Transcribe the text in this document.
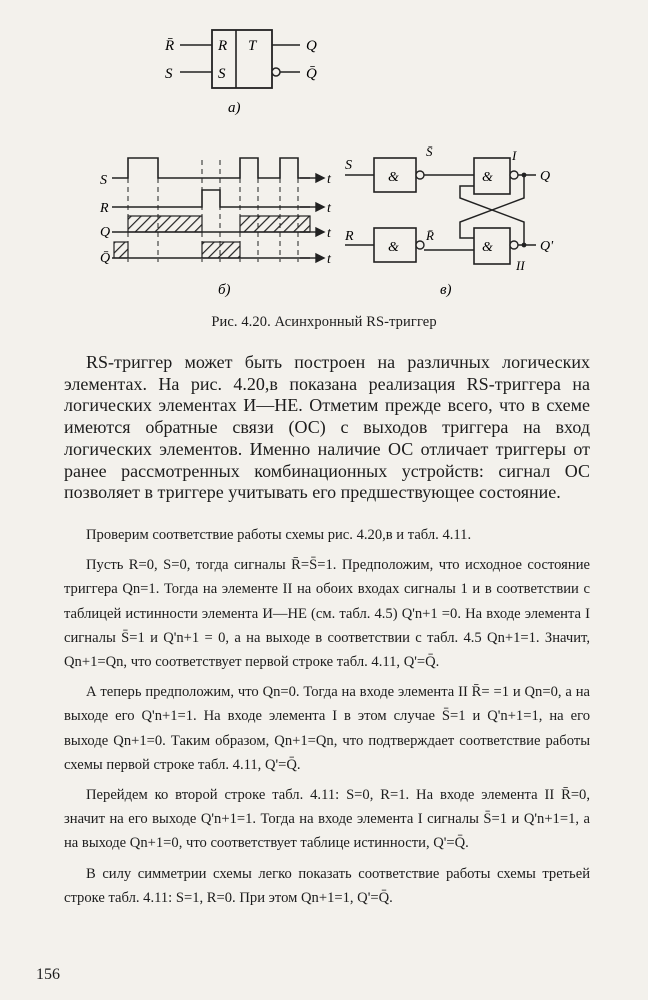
R̄
S
R T
S
Q
Q̄
а)
S
R
Q
Q̄
t
t
t
t
б)
S
&
S̄
&
I
Q
R
&
R̄
&
II
Q'
в)
Рис. 4.20. Асинхронный RS-триггер

RS-триггер может быть построен на различных логических элементах. На рис. 4.20,в показана реализация RS-триггера на логических элементах И—НЕ. Отметим прежде всего, что в схеме имеются обратные связи (ОС) с выходов триггера на вход логических элементов. Именно наличие ОС отличает триггеры от ранее рассмотренных комбинационных устройств: сигнал ОС позволяет в триггере учитывать его предшествующее состояние.

Проверим соответствие работы схемы рис. 4.20,в и табл. 4.11.

Пусть R=0, S=0, тогда сигналы R̄=S̄=1. Предположим, что исходное состояние триггера Qn=1. Тогда на элементе II на обоих входах сигналы 1 и в соответствии с таблицей истинности элемента И—НЕ (см. табл. 4.5) Q'n+1 =0. На входе элемента I сигналы S̄=1 и Q'n+1 = 0, а на выходе в соответствии с табл. 4.5 Qn+1=1. Значит, Qn+1=Qn, что соответствует первой строке табл. 4.11, Q'=Q̄.

А теперь предположим, что Qn=0. Тогда на входе элемента II R̄= =1 и Qn=0, а на выходе его Q'n+1=1. На входе элемента I в этом случае S̄=1 и Q'n+1=1, на его выходе Qn+1=0. Таким образом, Qn+1=Qn, что подтверждает соответствие работы схемы первой строке табл. 4.11, Q'=Q̄.

Перейдем ко второй строке табл. 4.11: S=0, R=1. На входе элемента II R̄=0, значит на его выходе Q'n+1=1. Тогда на входе элемента I сигналы S̄=1 и Q'n+1=1, а на выходе Qn+1=0, что соответствует таблице истинности, Q'=Q̄.

В силу симметрии схемы легко показать соответствие работы схемы третьей строке табл. 4.11: S=1, R=0. При этом Qn+1=1, Q'=Q̄.

156
